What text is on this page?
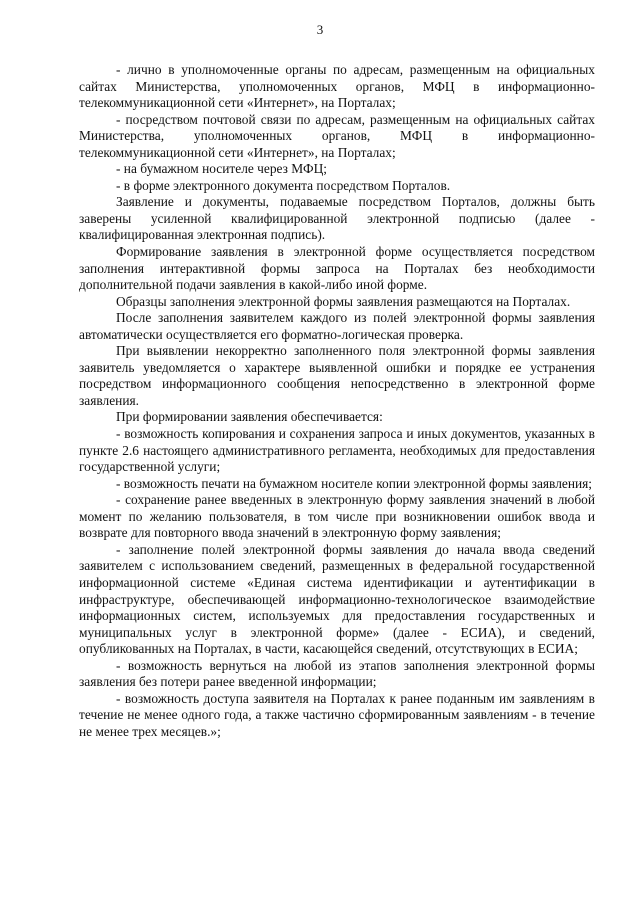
3

- лично в уполномоченные органы по адресам, размещенным на официальных сайтах Министерства, уполномоченных органов, МФЦ в информационно-телекоммуникационной сети «Интернет», на Порталах;

- посредством почтовой связи по адресам, размещенным на официальных сайтах Министерства, уполномоченных органов, МФЦ в информационно-телекоммуникационной сети «Интернет», на Порталах;

- на бумажном носителе через МФЦ;

- в форме электронного документа посредством Порталов.

Заявление и документы, подаваемые посредством Порталов, должны быть заверены усиленной квалифицированной электронной подписью (далее - квалифицированная электронная подпись).

Формирование заявления в электронной форме осуществляется посредством заполнения интерактивной формы запроса на Порталах без необходимости дополнительной подачи заявления в какой-либо иной форме.

Образцы заполнения электронной формы заявления размещаются на Порталах.

После заполнения заявителем каждого из полей электронной формы заявления автоматически осуществляется его форматно-логическая проверка.

При выявлении некорректно заполненного поля электронной формы заявления заявитель уведомляется о характере выявленной ошибки и порядке ее устранения посредством информационного сообщения непосредственно в электронной форме заявления.

При формировании заявления обеспечивается:

- возможность копирования и сохранения запроса и иных документов, указанных в пункте 2.6 настоящего административного регламента, необходимых для предоставления государственной услуги;

- возможность печати на бумажном носителе копии электронной формы заявления;

- сохранение ранее введенных в электронную форму заявления значений в любой момент по желанию пользователя, в том числе при возникновении ошибок ввода и возврате для повторного ввода значений в электронную форму заявления;

- заполнение полей электронной формы заявления до начала ввода сведений заявителем с использованием сведений, размещенных в федеральной государственной информационной системе «Единая система идентификации и аутентификации в инфраструктуре, обеспечивающей информационно-технологическое взаимодействие информационных систем, используемых для предоставления государственных и муниципальных услуг в электронной форме» (далее - ЕСИА), и сведений, опубликованных на Порталах, в части, касающейся сведений, отсутствующих в ЕСИА;

- возможность вернуться на любой из этапов заполнения электронной формы заявления без потери ранее введенной информации;

- возможность доступа заявителя на Порталах к ранее поданным им заявлениям в течение не менее одного года, а также частично сформированным заявлениям - в течение не менее трех месяцев.»;
